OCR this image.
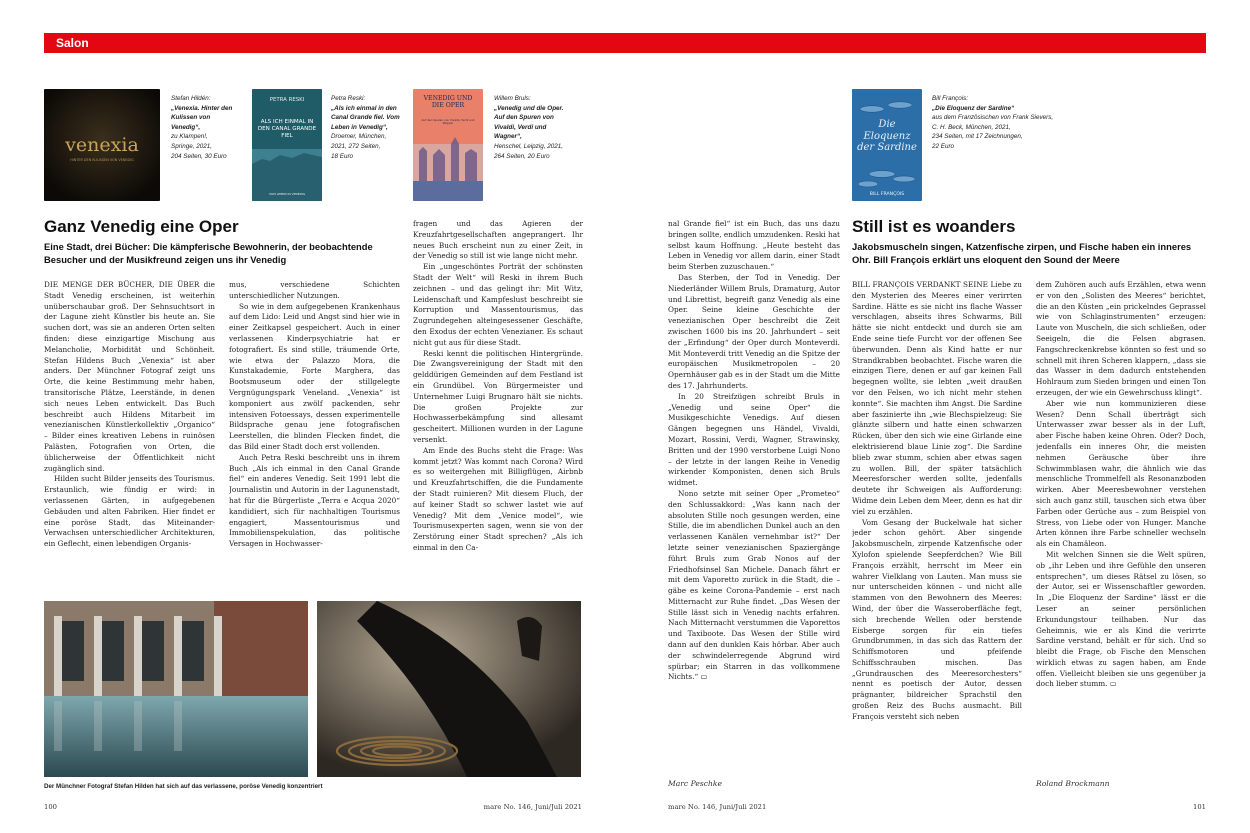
Salon
venexia
HINTER DEN KULISSEN VON VENEDIG
Stefan Hildén:
„Venexia. Hinter den Kulissen von Venedig“,
zu Klampen!,
Springe, 2021,
204 Seiten, 30 Euro
PETRA RESKI
ALS ICH EINMAL IN DEN CANAL GRANDE FIEL
VOM LEBEN IN VENEDIG
Petra Reski:
„Als ich einmal in den Canal Grande fiel. Vom Leben in Venedig“,
Droemer, München,
2021, 272 Seiten,
18 Euro
VENEDIG UND DIE OPER
Auf den Spuren von Vivaldi, Verdi und Wagner
Willem Bruls:
„Venedig und die Oper. Auf den Spuren von Vivaldi, Verdi und Wagner“,
Henschel, Leipzig, 2021,
264 Seiten, 20 Euro
Die Eloquenz der Sardine
BILL FRANÇOIS
Bill François:
„Die Eloquenz der Sardine“
aus dem Französischen von Frank Sievers,
C. H. Beck, München, 2021,
234 Seiten, mit 17 Zeichnungen,
22 Euro
Ganz Venedig eine Oper
Eine Stadt, drei Bücher: Die kämpferische Bewohnerin, der beobachtende Besucher und der Musikfreund zeigen uns ihr Venedig

DIE MENGE DER BÜCHER, DIE ÜBER die Stadt Venedig erscheinen, ist weiterhin unüberschaubar groß. Der Sehnsuchtsort in der Lagune zieht Künstler bis heute an. Sie suchen dort, was sie an anderen Orten selten finden: diese einzigartige Mischung aus Melancholie, Morbidität und Schönheit. Stefan Hildens Buch „Venexia“ ist aber anders. Der Münchner Fotograf zeigt uns Orte, die keine Bestimmung mehr haben, transitorische Plätze, Leerstände, in denen sich neues Leben entwickelt. Das Buch beschreibt auch Hildens Mitarbeit im venezianischen Künstlerkollektiv „Organico“ – Bilder eines kreativen Lebens in ruinösen Palästen, Fotografien von Orten, die üblicherweise der Öffentlichkeit nicht zugänglich sind.

Hilden sucht Bilder jenseits des Tourismus. Erstaunlich, wie fündig er wird: in verlassenen Gärten, in aufgegebenen Gebäuden und alten Fabriken. Hier findet er eine poröse Stadt, das Miteinander-Verwachsen unterschiedlicher Architekturen, ein Geflecht, einen lebendigen Organis-

mus, verschiedene Schichten unterschiedlicher Nutzungen.

So wie in dem aufgegebenen Krankenhaus auf dem Lido: Leid und Angst sind hier wie in einer Zeitkapsel gespeichert. Auch in einer verlassenen Kinderpsychiatrie hat er fotografiert. Es sind stille, träumende Orte, wie etwa der Palazzo Mora, die Kunstakademie, Forte Marghera, das Bootsmuseum oder der stillgelegte Vergnügungspark Veneland. „Venexia“ ist komponiert aus zwölf packenden, sehr intensiven Fotoessays, dessen experimentelle Bildsprache genau jene fotografischen Leerstellen, die blinden Flecken findet, die das Bild einer Stadt doch erst vollenden.

Auch Petra Reski beschreibt uns in ihrem Buch „Als ich einmal in den Canal Grande fiel“ ein anderes Venedig. Seit 1991 lebt die Journalistin und Autorin in der Lagunenstadt, hat für die Bürgerliste „Terra e Acqua 2020“ kandidiert, sich für nachhaltigen Tourismus engagiert, Massentourismus und Immobilienspekulation, das politische Versagen in Hochwasser-

fragen und das Agieren der Kreuzfahrtgesellschaften angeprangert. Ihr neues Buch erscheint nun zu einer Zeit, in der Venedig so still ist wie lange nicht mehr.

Ein „ungeschöntes Porträt der schönsten Stadt der Welt“ will Reski in ihrem Buch zeichnen – und das gelingt ihr: Mit Witz, Leidenschaft und Kampfeslust beschreibt sie Korruption und Massentourismus, das Zugrundegehen alteingesessener Geschäfte, den Exodus der echten Venezianer. Es schaut nicht gut aus für diese Stadt.

Reski kennt die politischen Hintergründe. Die Zwangsvereinigung der Stadt mit den gelddürigen Gemeinden auf dem Festland ist ein Grundübel. Von Bürgermeister und Unternehmer Luigi Brugnaro hält sie nichts. Die großen Projekte zur Hochwasserbekämpfung sind allesamt gescheitert. Millionen wurden in der Lagune versenkt.

Am Ende des Buchs steht die Frage: Was kommt jetzt? Was kommt nach Corona? Wird es so weitergehen mit Billigflügen, Airbnb und Kreuzfahrtschiffen, die die Fundamente der Stadt ruinieren? Mit diesem Fluch, der auf keiner Stadt so schwer lastet wie auf Venedig? Mit dem „Venice model“, wie Tourismusexperten sagen, wenn sie von der Zerstörung einer Stadt sprechen? „Als ich einmal in den Ca-

nal Grande fiel“ ist ein Buch, das uns dazu bringen sollte, endlich umzudenken. Reski hat selbst kaum Hoffnung. „Heute besteht das Leben in Venedig vor allem darin, einer Stadt beim Sterben zuzuschauen.“

Das Sterben, der Tod in Venedig. Der Niederländer Willem Bruls, Dramaturg, Autor und Librettist, begreift ganz Venedig als eine Oper. Seine kleine Geschichte der venezianischen Oper beschreibt die Zeit zwischen 1600 bis ins 20. Jahrhundert – seit der „Erfindung“ der Oper durch Monteverdi. Mit Monteverdi tritt Venedig an die Spitze der europäischen Musikmetropolen – 20 Opernhäuser gab es in der Stadt um die Mitte des 17. Jahrhunderts.

In 20 Streifzügen schreibt Bruls in „Venedig und seine Oper“ die Musikgeschichte Venedigs. Auf diesen Gängen begegnen uns Händel, Vivaldi, Mozart, Rossini, Verdi, Wagner, Strawinsky, Britten und der 1990 verstorbene Luigi Nono – der letzte in der langen Reihe in Venedig wirkender Komponisten, denen sich Bruls widmet.

Nono setzte mit seiner Oper „Prometeo“ den Schlussakkord: „Was kann nach der absoluten Stille noch gesungen werden, eine Stille, die im abendlichen Dunkel auch an den verlassenen Kanälen vernehmbar ist?“ Der letzte seiner venezianischen Spaziergänge führt Bruls zum Grab Nonos auf der Friedhofsinsel San Michele. Danach fährt er mit dem Vaporetto zurück in die Stadt, die – gäbe es keine Corona-Pandemie – erst nach Mitternacht zur Ruhe findet. „Das Wesen der Stille lässt sich in Venedig nachts erfahren. Nach Mitternacht verstummen die Vaporettos und Taxiboote. Das Wesen der Stille wird dann auf den dunklen Kais hörbar. Aber auch der schwindelerregende Abgrund wird spürbar; ein Starren in das vollkommene Nichts.“ ▭

Der Münchner Fotograf Stefan Hilden hat sich auf das verlassene, poröse Venedig konzentriert	Marc Peschke
100	mare No. 146, Juni/Juli 2021	mare No. 146, Juni/Juli 2021	101
Still ist es woanders
Jakobsmuscheln singen, Katzenfische zirpen, und Fische haben ein inneres Ohr. Bill François erklärt uns eloquent den Sound der Meere

BILL FRANÇOIS VERDANKT SEINE Liebe zu den Mysterien des Meeres einer verirrten Sardine. Hätte es sie nicht ins flache Wasser verschlagen, abseits ihres Schwarms, Bill hätte sie nicht entdeckt und durch sie am Ende seine tiefe Furcht vor der offenen See überwunden. Denn als Kind hatte er nur Strandkrabben beobachtet. Fische waren die einzigen Tiere, denen er auf gar keinen Fall begegnen wollte, sie lebten „weit draußen vor den Felsen, wo ich nicht mehr stehen konnte“. Sie machten ihm Angst. Die Sardine aber faszinierte ihn „wie Blechspielzeug: Sie glänzte silbern und hatte einen schwarzen Rücken, über den sich wie eine Girlande eine elektrisierend blaue Linie zog“. Die Sardine blieb zwar stumm, schien aber etwas sagen zu wollen. Bill, der später tatsächlich Meeresforscher werden sollte, jedenfalls deutete ihr Schweigen als Aufforderung: Widme dein Leben dem Meer, denn es hat dir viel zu erzählen.

Vom Gesang der Buckelwale hat sicher jeder schon gehört. Aber singende Jakobsmuscheln, zirpende Katzenfische oder Xylofon spielende Seepferdchen? Wie Bill François erzählt, herrscht im Meer ein wahrer Vielklang von Lauten. Man muss sie nur unterscheiden können – und nicht alle stammen von den Bewohnern des Meeres: Wind, der über die Wasseroberfläche fegt, sich brechende Wellen oder berstende Eisberge sorgen für ein tiefes Grundbrummen, in das sich das Rattern der Schiffsmotoren und pfeifende Schiffsschrauben mischen. Das „Grundrauschen des Meeresorchesters“ nennt es poetisch der Autor, dessen prägnanter, bildreicher Sprachstil den großen Reiz des Buchs ausmacht. Bill François versteht sich neben

dem Zuhören auch aufs Erzählen, etwa wenn er von den „Solisten des Meeres“ berichtet, die an den Küsten „ein prickelndes Geprassel wie von Schlaginstrumenten“ erzeugen: Laute von Muscheln, die sich schließen, oder Seeigeln, die die Felsen abgrasen. Fangschreckenkrebse könnten so fest und so schnell mit ihren Scheren klappern, „dass sie das Wasser in dem dadurch entstehenden Hohlraum zum Sieden bringen und einen Ton erzeugen, der wie ein Gewehrschuss klingt“.

Aber wie nun kommunizieren diese Wesen? Denn Schall überträgt sich Unterwasser zwar besser als in der Luft, aber Fische haben keine Ohren. Oder? Doch, jedenfalls ein inneres Ohr, die meisten nehmen Geräusche über ihre Schwimmblasen wahr, die ähnlich wie das menschliche Trommelfell als Resonanzboden wirken. Aber Meeresbewohner verstehen sich auch ganz still, tauschen sich etwa über Farben oder Gerüche aus – zum Beispiel von Stress, von Liebe oder von Hunger. Manche Arten können ihre Farbe schneller wechseln als ein Chamäleon.

Mit welchen Sinnen sie die Welt spüren, ob „ihr Leben und ihre Gefühle den unseren entsprechen“, um dieses Rätsel zu lösen, so der Autor, sei er Wissenschaftler geworden. In „Die Eloquenz der Sardine“ lässt er die Leser an seiner persönlichen Erkundungstour teilhaben. Nur das Geheimnis, wie er als Kind die verirrte Sardine verstand, behält er für sich. Und so bleibt die Frage, ob Fische den Menschen wirklich etwas zu sagen haben, am Ende offen. Vielleicht bleiben sie uns gegenüber ja doch lieber stumm. ▭

Roland Brockmann
